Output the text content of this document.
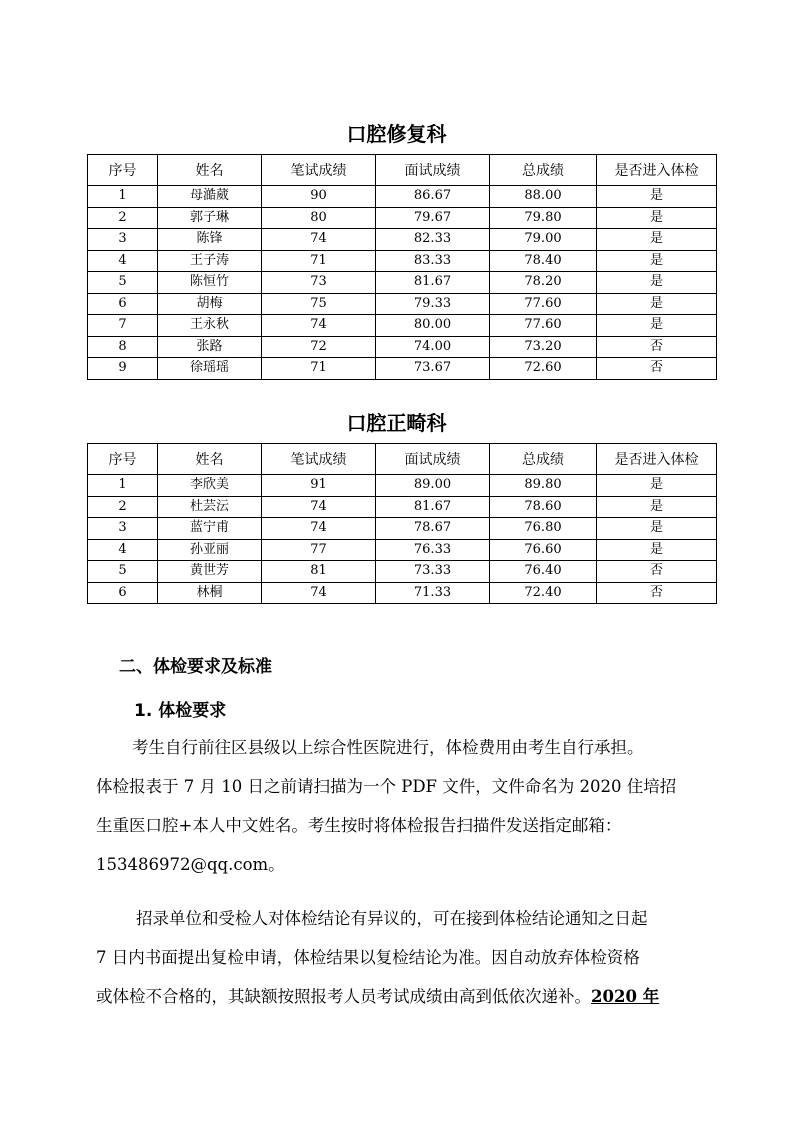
口腔修复科
序号	姓名	笔试成绩	面试成绩	总成绩	是否进入体检
1	母澔葳	90	86.67	88.00	是
2	郭子琳	80	79.67	79.80	是
3	陈锋	74	82.33	79.00	是
4	王子涛	71	83.33	78.40	是
5	陈恒竹	73	81.67	78.20	是
6	胡梅	75	79.33	77.60	是
7	王永秋	74	80.00	77.60	是
8	张路	72	74.00	73.20	否
9	徐瑶瑶	71	73.67	72.60	否
口腔正畸科
序号	姓名	笔试成绩	面试成绩	总成绩	是否进入体检
1	李欣美	91	89.00	89.80	是
2	杜芸沄	74	81.67	78.60	是
3	蓝宁甫	74	78.67	76.80	是
4	孙亚丽	77	76.33	76.60	是
5	黄世芳	81	73.33	76.40	否
6	林桐	74	71.33	72.40	否
二、体检要求及标准
1. 体检要求
考生自行前往区县级以上综合性医院进行，体检费用由考生自行承担。
体检报表于 7 月 10 日之前请扫描为一个 PDF 文件，文件命名为 2020 住培招
生重医口腔+本人中文姓名。考生按时将体检报告扫描件发送指定邮箱：
153486972@qq.com。
招录单位和受检人对体检结论有异议的，可在接到体检结论通知之日起
7 日内书面提出复检申请，体检结果以复检结论为准。因自动放弃体检资格
或体检不合格的，其缺额按照报考人员考试成绩由高到低依次递补。2020 年
